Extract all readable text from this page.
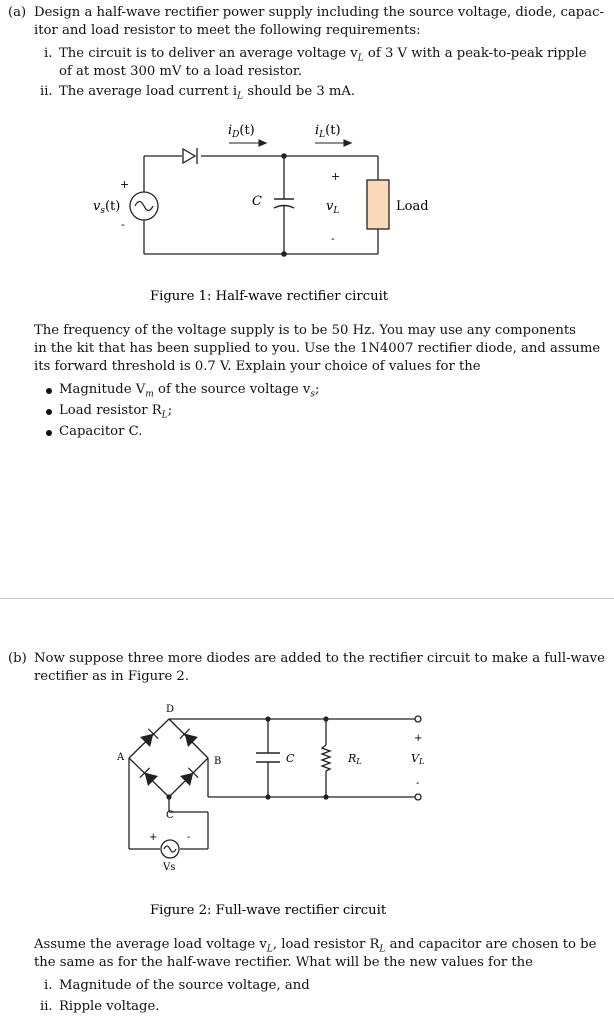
(a) Design a half-wave rectifier power supply including the source voltage, diode, capac-
itor and load resistor to meet the following requirements:
i. The circuit is to deliver an average voltage $v_L$ of 3 V with a peak-to-peak ripple
of at most 300 mV to a load resistor.
ii. The average load current $i_L$ should be 3 mA.
$i_D(t)$	$i_L(t)$
$v_s(t)$
+
-
C
+
$v_L$
-
Load
Figure 1: Half-wave rectifier circuit
The frequency of the voltage supply is to be 50 Hz. You may use any components
in the kit that has been supplied to you. Use the 1N4007 rectifier diode, and assume
its forward threshold is 0.7 V. Explain your choice of values for the
Magnitude $V_m$ of the source voltage $v_s$;
Load resistor $R_L$;
Capacitor C.
(b) Now suppose three more diodes are added to the rectifier circuit to make a full-wave
rectifier as in Figure 2.
D
A	B
C
C	RL
+
VL
-
+	-
Vs
Figure 2: Full-wave rectifier circuit
Assume the average load voltage $v_L$, load resistor $R_L$ and capacitor are chosen to be
the same as for the half-wave rectifier. What will be the new values for the
i. Magnitude of the source voltage, and
ii. Ripple voltage.
